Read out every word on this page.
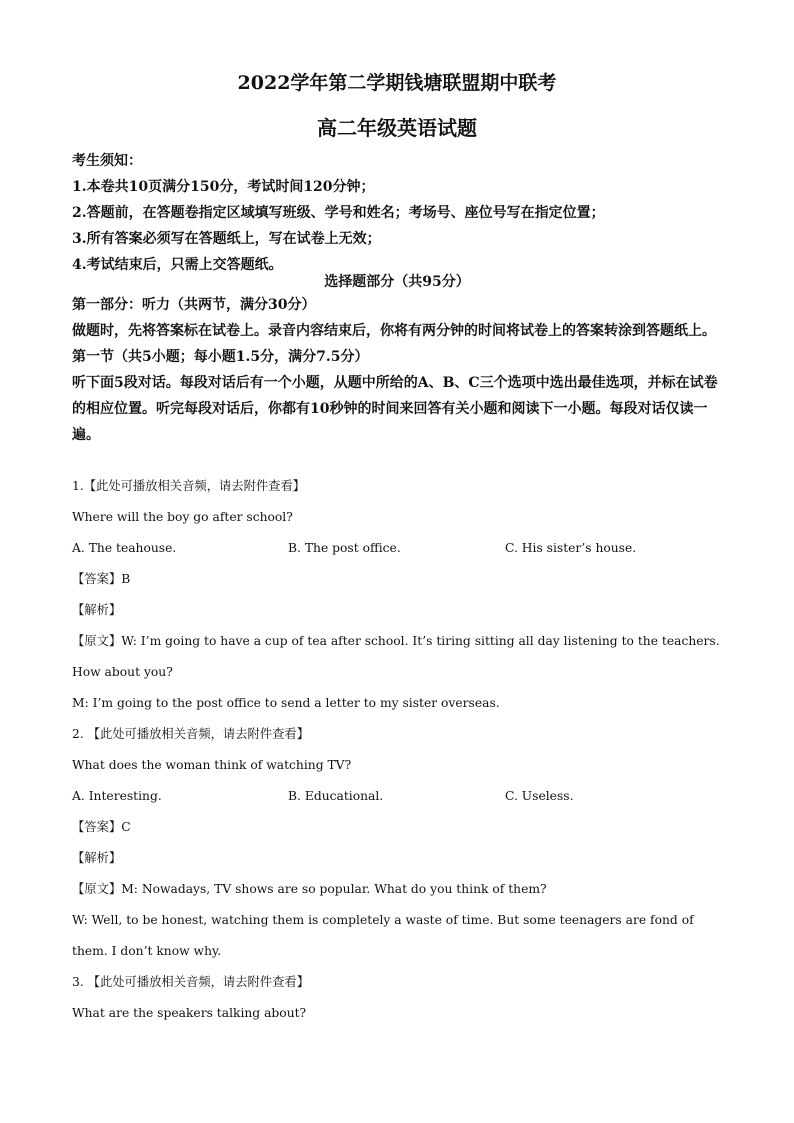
2022学年第二学期钱塘联盟期中联考
高二年级英语试题
考生须知：
1.本卷共10页满分150分，考试时间120分钟；
2.答题前，在答题卷指定区域填写班级、学号和姓名；考场号、座位号写在指定位置；
3.所有答案必须写在答题纸上，写在试卷上无效；
4.考试结束后，只需上交答题纸。
选择题部分（共95分）
第一部分：听力（共两节，满分30分）
做题时，先将答案标在试卷上。录音内容结束后，你将有两分钟的时间将试卷上的答案转涂到答题纸上。
第一节（共5小题；每小题1.5分，满分7.5分）
听下面5段对话。每段对话后有一个小题，从题中所给的A、B、C三个选项中选出最佳选项，并标在试卷的相应位置。听完每段对话后，你都有10秒钟的时间来回答有关小题和阅读下一小题。每段对话仅读一遍。
1.【此处可播放相关音频，请去附件查看】
Where will the boy go after school?
A. The teahouse.	B. The post office.	C. His sister’s house.
【答案】B
【解析】
【原文】W: I’m going to have a cup of tea after school. It’s tiring sitting all day listening to the teachers. How about you?
M: I’m going to the post office to send a letter to my sister overseas.
2. 【此处可播放相关音频，请去附件查看】
What does the woman think of watching TV?
A. Interesting.	B. Educational.	C. Useless.
【答案】C
【解析】
【原文】M: Nowadays, TV shows are so popular. What do you think of them?
W: Well, to be honest, watching them is completely a waste of time. But some teenagers are fond of them. I don’t know why.
3. 【此处可播放相关音频，请去附件查看】
What are the speakers talking about?
